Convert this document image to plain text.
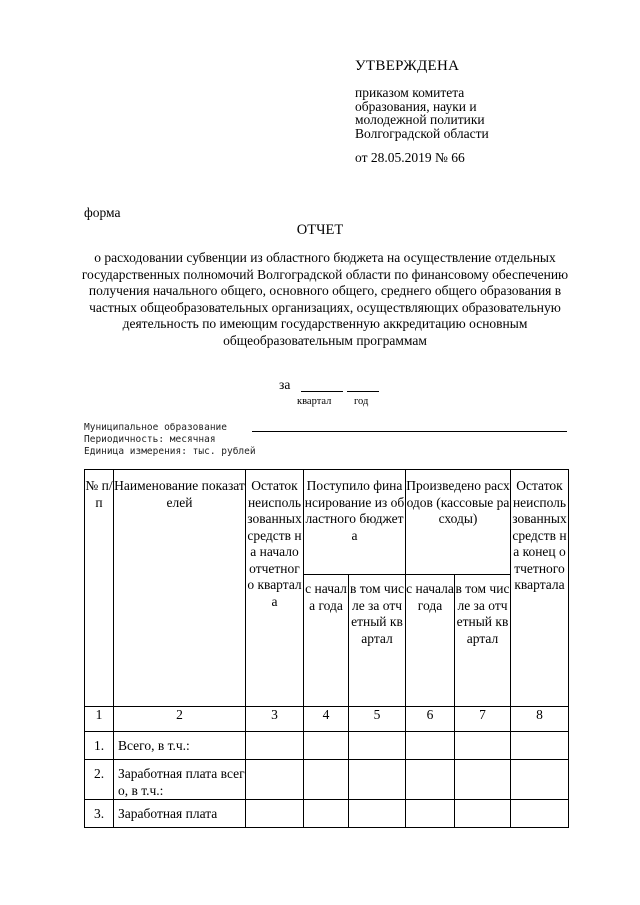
УТВЕРЖДЕНА
приказом комитета
образования, науки и
молодежной политики
Волгоградской области
от 28.05.2019 № 66
форма
ОТЧЕТ
о расходовании субвенции из областного бюджета на осуществление отдельных государственных полномочий Волгоградской области по финансовому обеспечению получения начального общего, основного общего, среднего общего образования в частных общеобразовательных организациях, осуществляющих образовательную деятельность по имеющим государственную аккредитацию основным общеобразовательным программам
за
квартал год
Муниципальное образование
Периодичность: месячная
Единица измерения: тыс. рублей
№ п/п	Наименование показателей	Остаток неиспользованных средств на начало отчетного квартала	Поступило финансирование из областного бюджета		Произведено расходов (кассовые расходы)		Остаток неиспользованных средств на конец отчетного квартала
			с начала года	в том числе за отчетный квартал	с начала года	в том числе за отчетный квартал	
1	2	3	4	5	6	7	8
1.	Всего, в т.ч.:						
2.	Заработная плата всего, в т.ч.:						
3.	Заработная плата						
